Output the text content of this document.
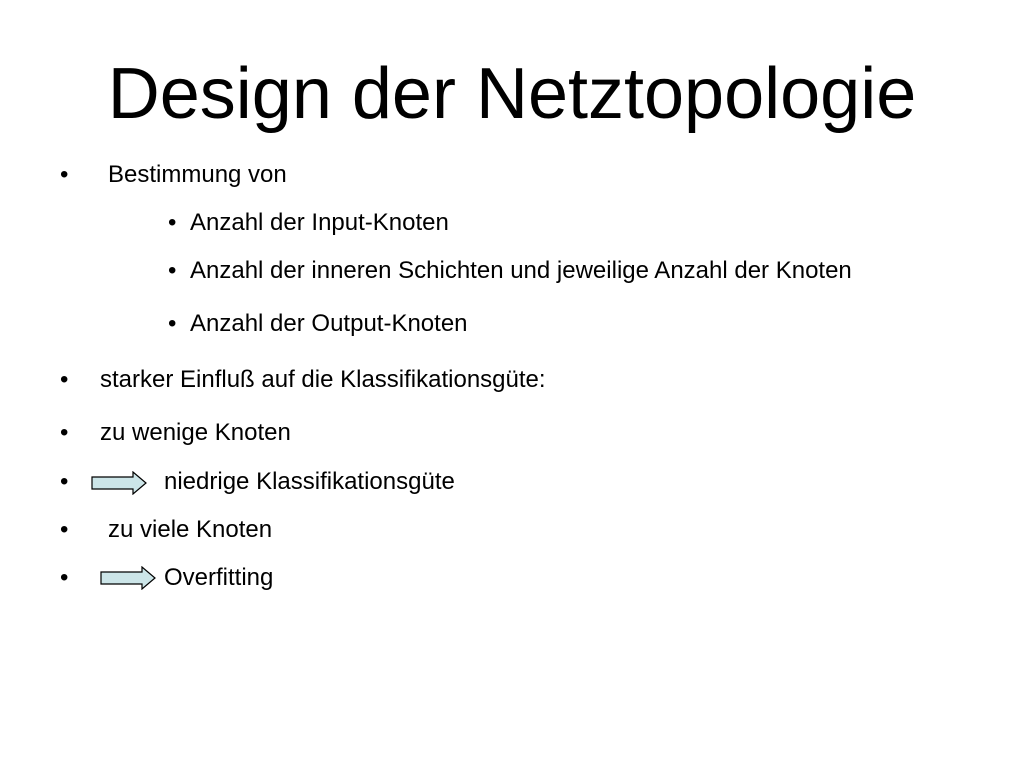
Design der Netztopologie
• Bestimmung von
• Anzahl der Input-Knoten
• Anzahl der inneren Schichten und jeweilige Anzahl der Knoten
• Anzahl der Output-Knoten
• starker Einfluß auf die Klassifikationsgüte:
• zu wenige Knoten
•	niedrige Klassifikationsgüte
• zu viele Knoten
•	Overfitting
